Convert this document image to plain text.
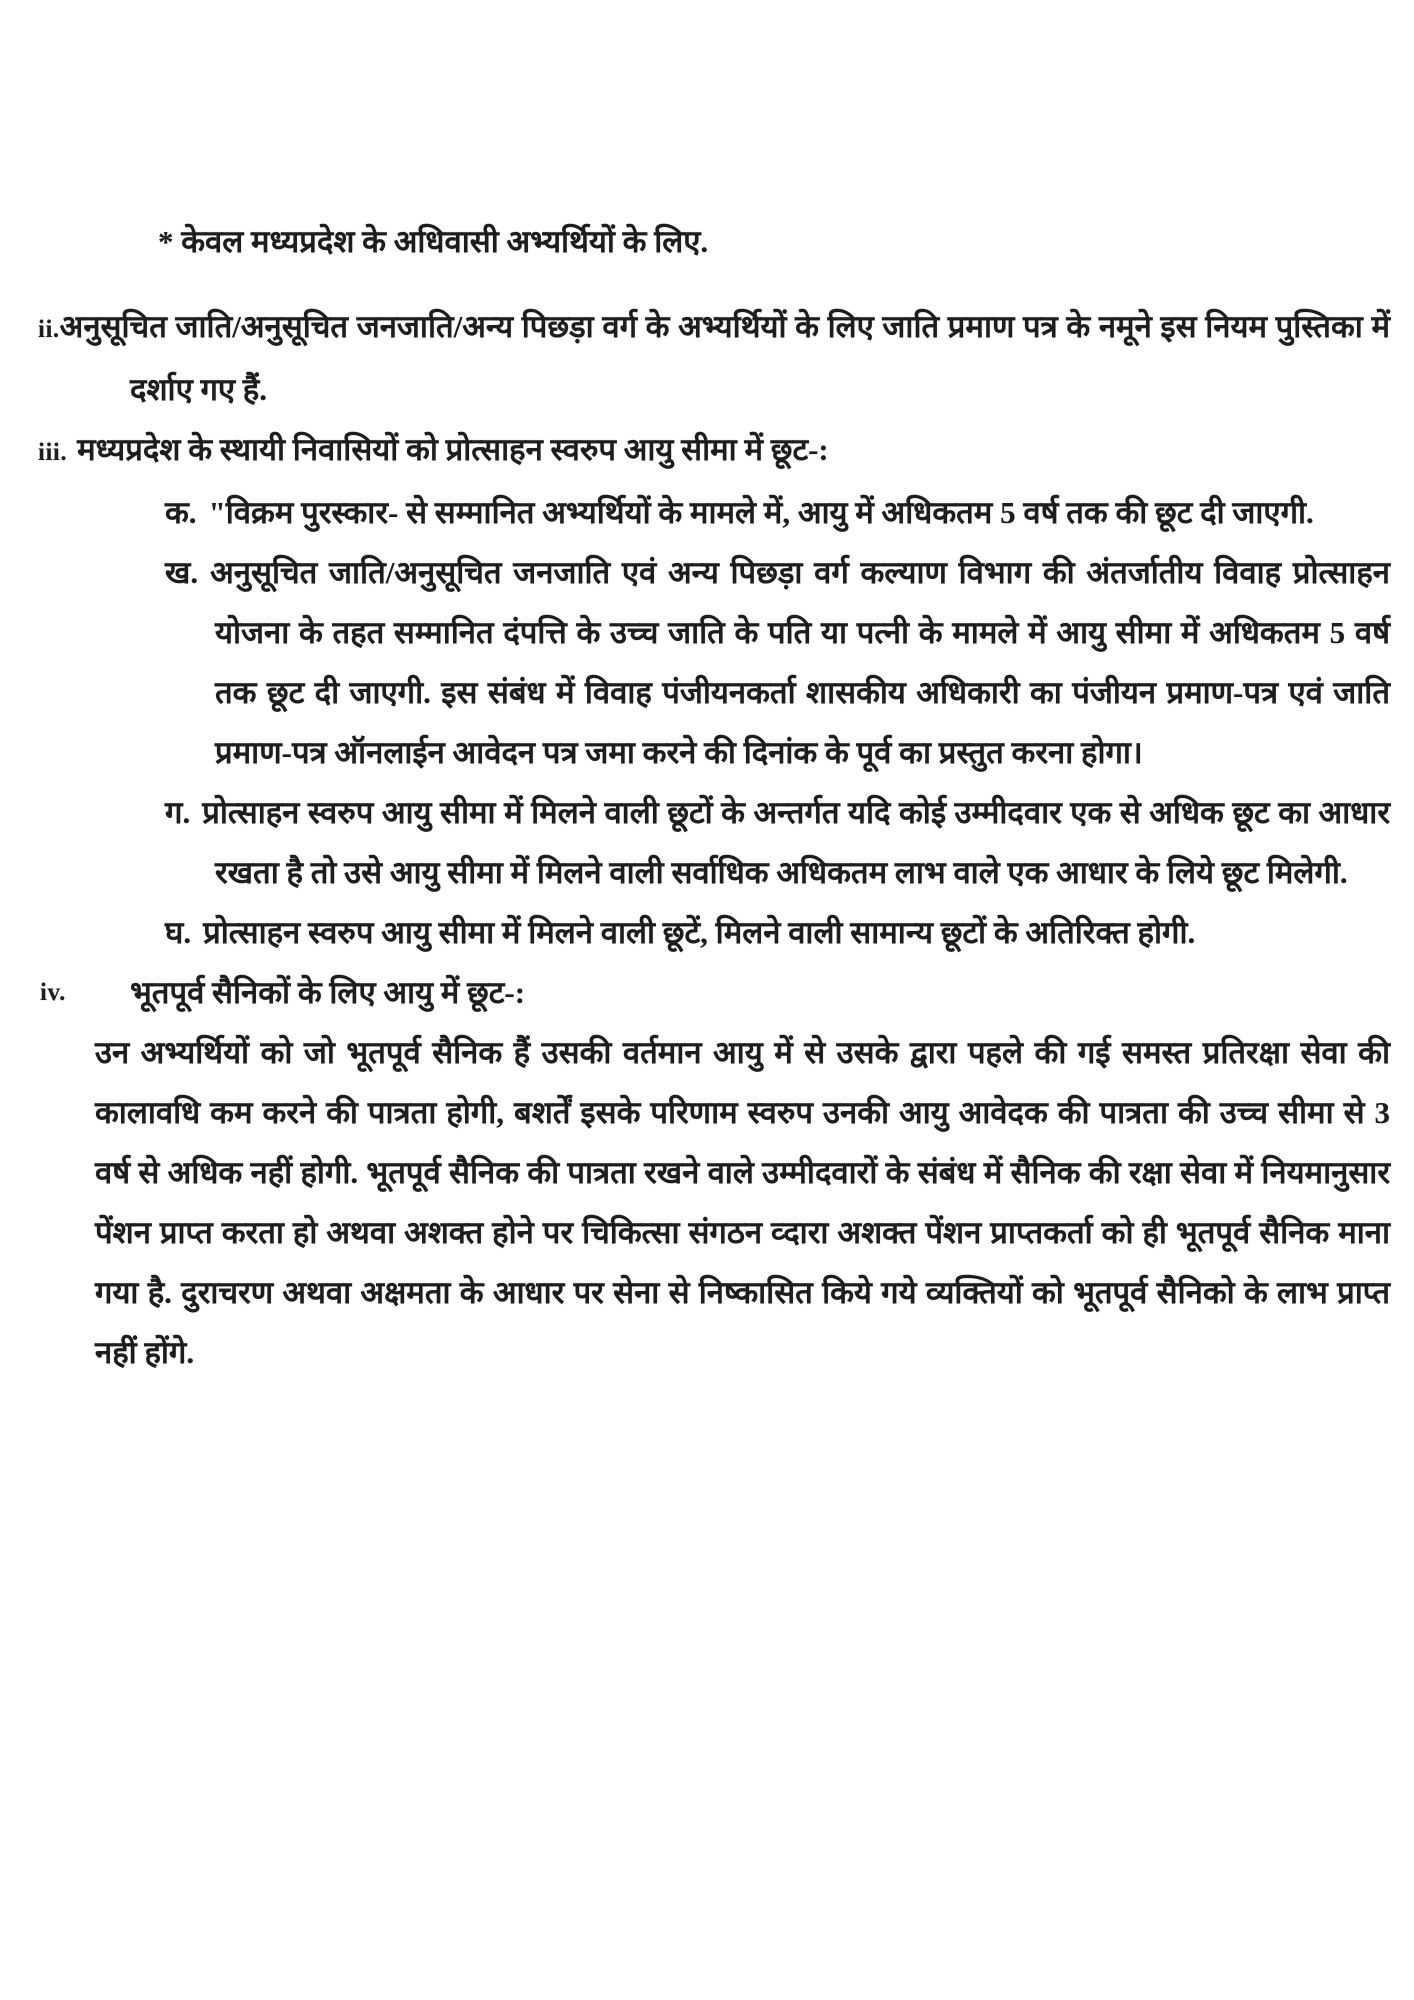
* केवल मध्यप्रदेश के अधिवासी अभ्यर्थियों के लिए.
ii.अनुसूचित जाति/अनुसूचित जनजाति/अन्य पिछड़ा वर्ग के अभ्यर्थियों के लिए जाति प्रमाण पत्र के नमूने इस नियम पुस्तिका में दर्शाए गए हैं.
iii. मध्यप्रदेश के स्थायी निवासियों को प्रोत्साहन स्वरुप आयु सीमा में छूट-:
क. "विक्रम पुरस्कार- से सम्मानित अभ्यर्थियों के मामले में, आयु में अधिकतम 5 वर्ष तक की छूट दी जाएगी.
ख. अनुसूचित जाति/अनुसूचित जनजाति एवं अन्य पिछड़ा वर्ग कल्याण विभाग की अंतर्जातीय विवाह प्रोत्साहन योजना के तहत सम्मानित दंपत्ति के उच्च जाति के पति या पत्नी के मामले में आयु सीमा में अधिकतम 5 वर्ष तक छूट दी जाएगी. इस संबंध में विवाह पंजीयनकर्ता शासकीय अधिकारी का पंजीयन प्रमाण-पत्र एवं जाति प्रमाण-पत्र ऑनलाईन आवेदन पत्र जमा करने की दिनांक के पूर्व का प्रस्तुत करना होगा।
ग. प्रोत्साहन स्वरुप आयु सीमा में मिलने वाली छूटों के अन्तर्गत यदि कोई उम्मीदवार एक से अधिक छूट का आधार रखता है तो उसे आयु सीमा में मिलने वाली सर्वाधिक अधिकतम लाभ वाले एक आधार के लिये छूट मिलेगी.
घ. प्रोत्साहन स्वरुप आयु सीमा में मिलने वाली छूटें, मिलने वाली सामान्य छूटों के अतिरिक्त होगी.
iv. भूतपूर्व सैनिकों के लिए आयु में छूट-:
उन अभ्यर्थियों को जो भूतपूर्व सैनिक हैं उसकी वर्तमान आयु में से उसके द्वारा पहले की गई समस्त प्रतिरक्षा सेवा की कालावधि कम करने की पात्रता होगी, बशर्तें इसके परिणाम स्वरुप उनकी आयु आवेदक की पात्रता की उच्च सीमा से 3 वर्ष से अधिक नहीं होगी. भूतपूर्व सैनिक की पात्रता रखने वाले उम्मीदवारों के संबंध में सैनिक की रक्षा सेवा में नियमानुसार पेंशन प्राप्त करता हो अथवा अशक्त होने पर चिकित्सा संगठन व्दारा अशक्त पेंशन प्राप्तकर्ता को ही भूतपूर्व सैनिक माना गया है. दुराचरण अथवा अक्षमता के आधार पर सेना से निष्कासित किये गये व्यक्तियों को भूतपूर्व सैनिको के लाभ प्राप्त नहीं होंगे.
